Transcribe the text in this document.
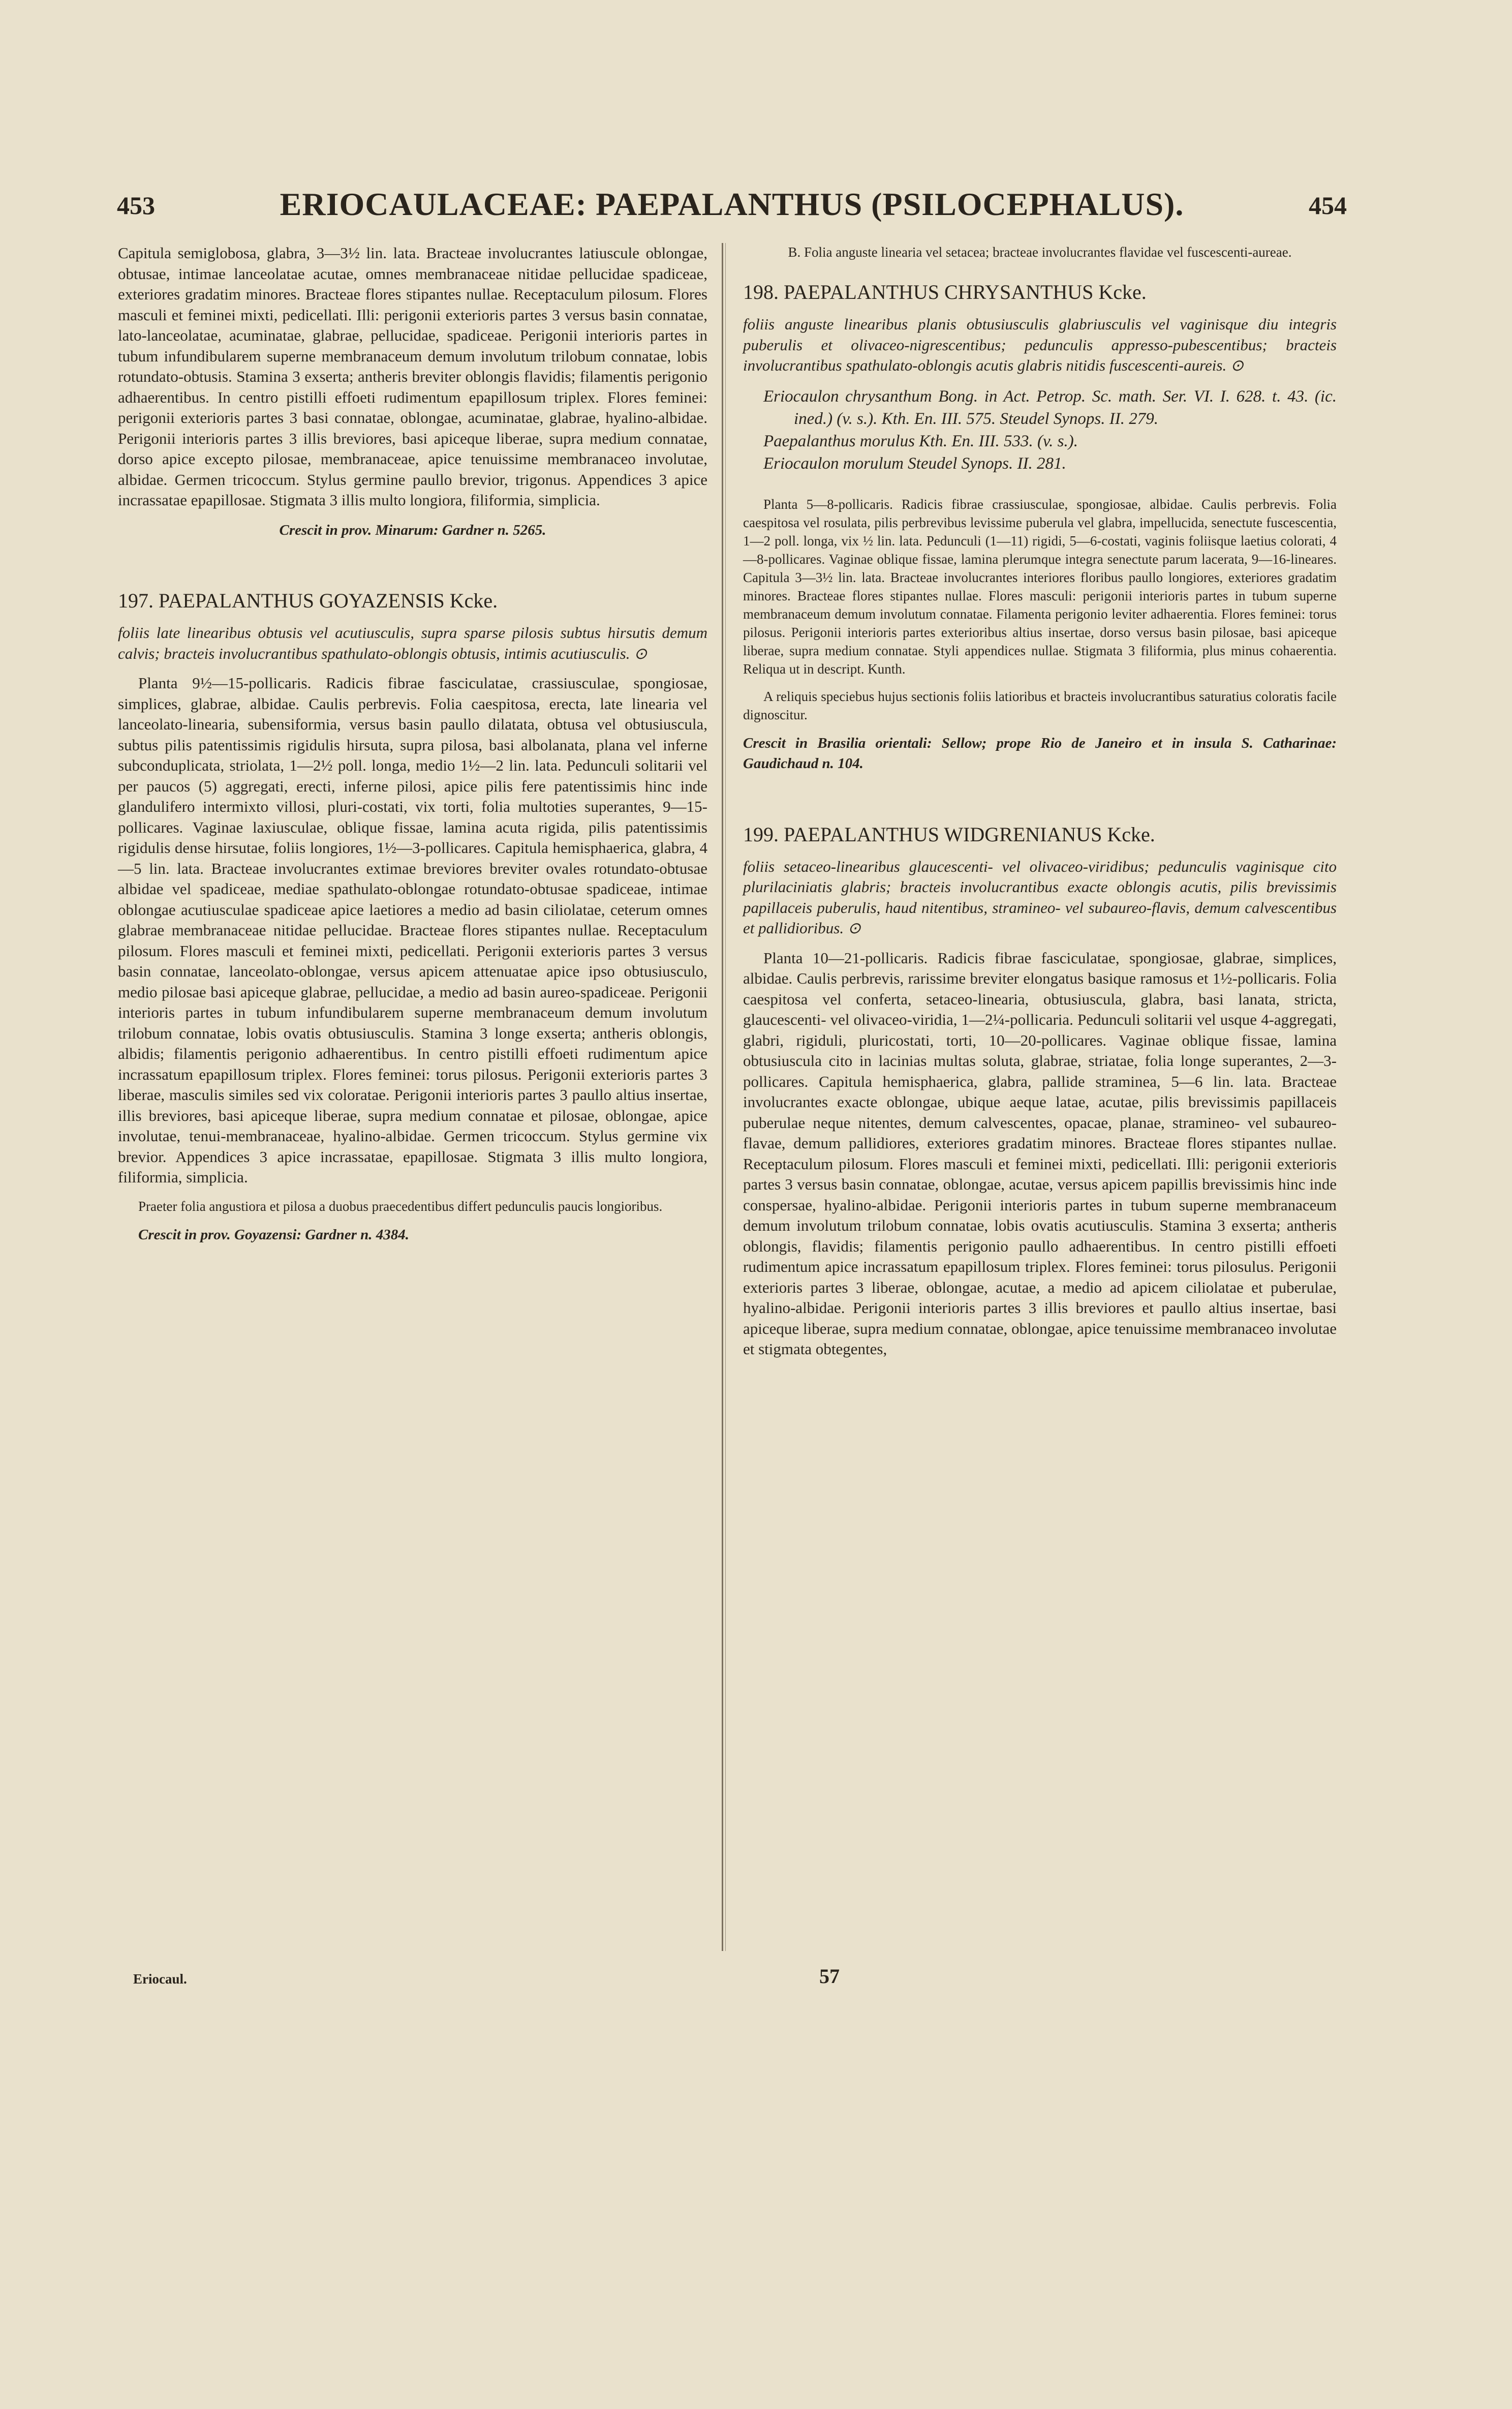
453	ERIOCAULACEAE: PAEPALANTHUS (PSILOCEPHALUS).	454

Capitula semiglobosa, glabra, 3—3½ lin. lata. Bracteae involucrantes latiuscule oblongae, obtusae, intimae lanceolatae acutae, omnes membranaceae nitidae pellucidae spadiceae, exteriores gradatim minores. Bracteae flores stipantes nullae. Receptaculum pilosum. Flores masculi et feminei mixti, pedicellati. Illi: perigonii exterioris partes 3 versus basin connatae, lato-lanceolatae, acuminatae, glabrae, pellucidae, spadiceae. Perigonii interioris partes in tubum infundibularem superne membranaceum demum involutum trilobum connatae, lobis rotundato-obtusis. Stamina 3 exserta; antheris breviter oblongis flavidis; filamentis perigonio adhaerentibus. In centro pistilli effoeti rudimentum epapillosum triplex. Flores feminei: perigonii exterioris partes 3 basi connatae, oblongae, acuminatae, glabrae, hyalino-albidae. Perigonii interioris partes 3 illis breviores, basi apiceque liberae, supra medium connatae, dorso apice excepto pilosae, membranaceae, apice tenuissime membranaceo involutae, albidae. Germen tricoccum. Stylus germine paullo brevior, trigonus. Appendices 3 apice incrassatae epapillosae. Stigmata 3 illis multo longiora, filiformia, simplicia.

Crescit in prov. Minarum: Gardner n. 5265.

197. PAEPALANTHUS GOYAZENSIS Kcke.

foliis late linearibus obtusis vel acutiusculis, supra sparse pilosis subtus hirsutis demum calvis; bracteis involucrantibus spathulato-oblongis obtusis, intimis acutiusculis. ⊙

Planta 9½—15-pollicaris. Radicis fibrae fasciculatae, crassiusculae, spongiosae, simplices, glabrae, albidae. Caulis perbrevis. Folia caespitosa, erecta, late linearia vel lanceolato-linearia, subensiformia, versus basin paullo dilatata, obtusa vel obtusiuscula, subtus pilis patentissimis rigidulis hirsuta, supra pilosa, basi albolanata, plana vel inferne subconduplicata, striolata, 1—2½ poll. longa, medio 1½—2 lin. lata. Pedunculi solitarii vel per paucos (5) aggregati, erecti, inferne pilosi, apice pilis fere patentissimis hinc inde glandulifero intermixto villosi, pluri-costati, vix torti, folia multoties superantes, 9—15-pollicares. Vaginae laxiusculae, oblique fissae, lamina acuta rigida, pilis patentissimis rigidulis dense hirsutae, foliis longiores, 1½—3-pollicares. Capitula hemisphaerica, glabra, 4—5 lin. lata. Bracteae involucrantes extimae breviores breviter ovales rotundato-obtusae albidae vel spadiceae, mediae spathulato-oblongae rotundato-obtusae spadiceae, intimae oblongae acutiusculae spadiceae apice laetiores a medio ad basin ciliolatae, ceterum omnes glabrae membranaceae nitidae pellucidae. Bracteae flores stipantes nullae. Receptaculum pilosum. Flores masculi et feminei mixti, pedicellati. Perigonii exterioris partes 3 versus basin connatae, lanceolato-oblongae, versus apicem attenuatae apice ipso obtusiusculo, medio pilosae basi apiceque glabrae, pellucidae, a medio ad basin aureo-spadiceae. Perigonii interioris partes in tubum infundibularem superne membranaceum demum involutum trilobum connatae, lobis ovatis obtusiusculis. Stamina 3 longe exserta; antheris oblongis, albidis; filamentis perigonio adhaerentibus. In centro pistilli effoeti rudimentum apice incrassatum epapillosum triplex. Flores feminei: torus pilosus. Perigonii exterioris partes 3 liberae, masculis similes sed vix coloratae. Perigonii interioris partes 3 paullo altius insertae, illis breviores, basi apiceque liberae, supra medium connatae et pilosae, oblongae, apice involutae, tenui-membranaceae, hyalino-albidae. Germen tricoccum. Stylus germine vix brevior. Appendices 3 apice incrassatae, epapillosae. Stigmata 3 illis multo longiora, filiformia, simplicia.

Praeter folia angustiora et pilosa a duobus praecedentibus differt pedunculis paucis longioribus.

Crescit in prov. Goyazensi: Gardner n. 4384.

B. Folia anguste linearia vel setacea; bracteae involucrantes flavidae vel fuscescenti-aureae.

198. PAEPALANTHUS CHRYSANTHUS Kcke.

foliis anguste linearibus planis obtusiusculis glabriusculis vel vaginisque diu integris puberulis et olivaceo-nigrescentibus; pedunculis appresso-pubescentibus; bracteis involucrantibus spathulato-oblongis acutis glabris nitidis fuscescenti-aureis. ⊙

Eriocaulon chrysanthum Bong. in Act. Petrop. Sc. math. Ser. VI. I. 628. t. 43. (ic. ined.) (v. s.). Kth. En. III. 575. Steudel Synops. II. 279.

Paepalanthus morulus Kth. En. III. 533. (v. s.).

Eriocaulon morulum Steudel Synops. II. 281.

Planta 5—8-pollicaris. Radicis fibrae crassiusculae, spongiosae, albidae. Caulis perbrevis. Folia caespitosa vel rosulata, pilis perbrevibus levissime puberula vel glabra, impellucida, senectute fuscescentia, 1—2 poll. longa, vix ½ lin. lata. Pedunculi (1—11) rigidi, 5—6-costati, vaginis foliisque laetius colorati, 4—8-pollicares. Vaginae oblique fissae, lamina plerumque integra senectute parum lacerata, 9—16-lineares. Capitula 3—3½ lin. lata. Bracteae involucrantes interiores floribus paullo longiores, exteriores gradatim minores. Bracteae flores stipantes nullae. Flores masculi: perigonii interioris partes in tubum superne membranaceum demum involutum connatae. Filamenta perigonio leviter adhaerentia. Flores feminei: torus pilosus. Perigonii interioris partes exterioribus altius insertae, dorso versus basin pilosae, basi apiceque liberae, supra medium connatae. Styli appendices nullae. Stigmata 3 filiformia, plus minus cohaerentia. Reliqua ut in descript. Kunth.

A reliquis speciebus hujus sectionis foliis latioribus et bracteis involucrantibus saturatius coloratis facile dignoscitur.

Crescit in Brasilia orientali: Sellow; prope Rio de Janeiro et in insula S. Catharinae: Gaudichaud n. 104.

199. PAEPALANTHUS WIDGRENIANUS Kcke.

foliis setaceo-linearibus glaucescenti- vel olivaceo-viridibus; pedunculis vaginisque cito plurilaciniatis glabris; bracteis involucrantibus exacte oblongis acutis, pilis brevissimis papillaceis puberulis, haud nitentibus, stramineo- vel subaureo-flavis, demum calvescentibus et pallidioribus. ⊙

Planta 10—21-pollicaris. Radicis fibrae fasciculatae, spongiosae, glabrae, simplices, albidae. Caulis perbrevis, rarissime breviter elongatus basique ramosus et 1½-pollicaris. Folia caespitosa vel conferta, setaceo-linearia, obtusiuscula, glabra, basi lanata, stricta, glaucescenti- vel olivaceo-viridia, 1—2¼-pollicaria. Pedunculi solitarii vel usque 4-aggregati, glabri, rigiduli, pluricostati, torti, 10—20-pollicares. Vaginae oblique fissae, lamina obtusiuscula cito in lacinias multas soluta, glabrae, striatae, folia longe superantes, 2—3-pollicares. Capitula hemisphaerica, glabra, pallide straminea, 5—6 lin. lata. Bracteae involucrantes exacte oblongae, ubique aeque latae, acutae, pilis brevissimis papillaceis puberulae neque nitentes, demum calvescentes, opacae, planae, stramineo- vel subaureo-flavae, demum pallidiores, exteriores gradatim minores. Bracteae flores stipantes nullae. Receptaculum pilosum. Flores masculi et feminei mixti, pedicellati. Illi: perigonii exterioris partes 3 versus basin connatae, oblongae, acutae, versus apicem papillis brevissimis hinc inde conspersae, hyalino-albidae. Perigonii interioris partes in tubum superne membranaceum demum involutum trilobum connatae, lobis ovatis acutiusculis. Stamina 3 exserta; antheris oblongis, flavidis; filamentis perigonio paullo adhaerentibus. In centro pistilli effoeti rudimentum apice incrassatum epapillosum triplex. Flores feminei: torus pilosulus. Perigonii exterioris partes 3 liberae, oblongae, acutae, a medio ad apicem ciliolatae et puberulae, hyalino-albidae. Perigonii interioris partes 3 illis breviores et paullo altius insertae, basi apiceque liberae, supra medium connatae, oblongae, apice tenuissime membranaceo involutae et stigmata obtegentes,

Eriocaul.	57
